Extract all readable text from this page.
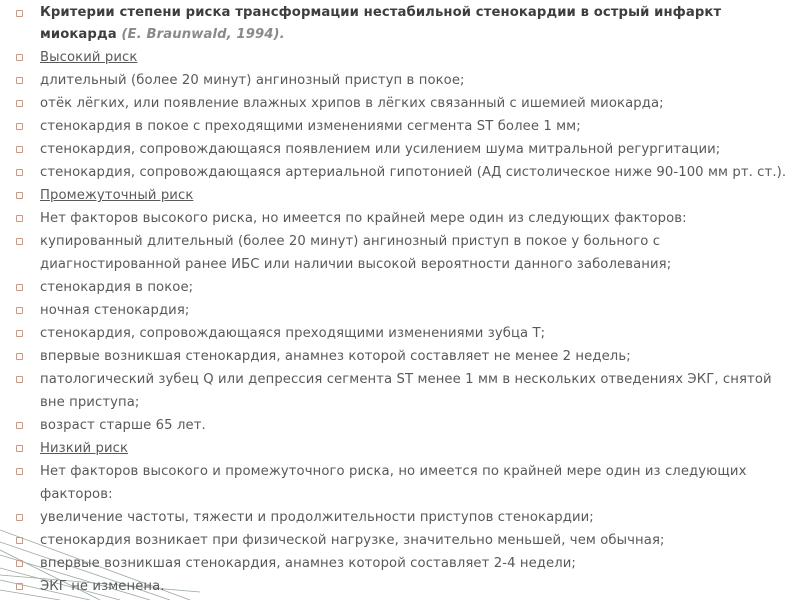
Критерии степени риска трансформации нестабильной стенокардии в острый инфаркт миокарда (E. Braunwald, 1994).
Высокий риск
длительный (более 20 минут) ангинозный приступ в покое;
отёк лёгких, или появление влажных хрипов в лёгких связанный с ишемией миокарда;
стенокардия в покое с преходящими изменениями сегмента ST более 1 мм;
стенокардия, сопровождающаяся появлением или усилением шума митральной регургитации;
стенокардия, сопровождающаяся артериальной гипотонией (АД систолическое ниже 90-100 мм рт. ст.).
Промежуточный риск
Нет факторов высокого риска, но имеется по крайней мере один из следующих факторов:
купированный длительный (более 20 минут) ангинозный приступ в покое у больного с диагностированной ранее ИБС или наличии высокой вероятности данного заболевания;
стенокардия в покое;
ночная стенокардия;
стенокардия, сопровождающаяся преходящими изменениями зубца Т;
впервые возникшая стенокардия, анамнез которой составляет не менее 2 недель;
патологический зубец Q или депрессия сегмента ST менее 1 мм в нескольких отведениях ЭКГ, снятой вне приступа;
возраст старше 65 лет.
Низкий риск
Нет факторов высокого и промежуточного риска, но имеется по крайней мере один из следующих факторов:
увеличение частоты, тяжести и продолжительности приступов стенокардии;
стенокардия возникает при физической нагрузке, значительно меньшей, чем обычная;
впервые возникшая стенокардия, анамнез которой составляет 2-4 недели;
ЭКГ не изменена.
